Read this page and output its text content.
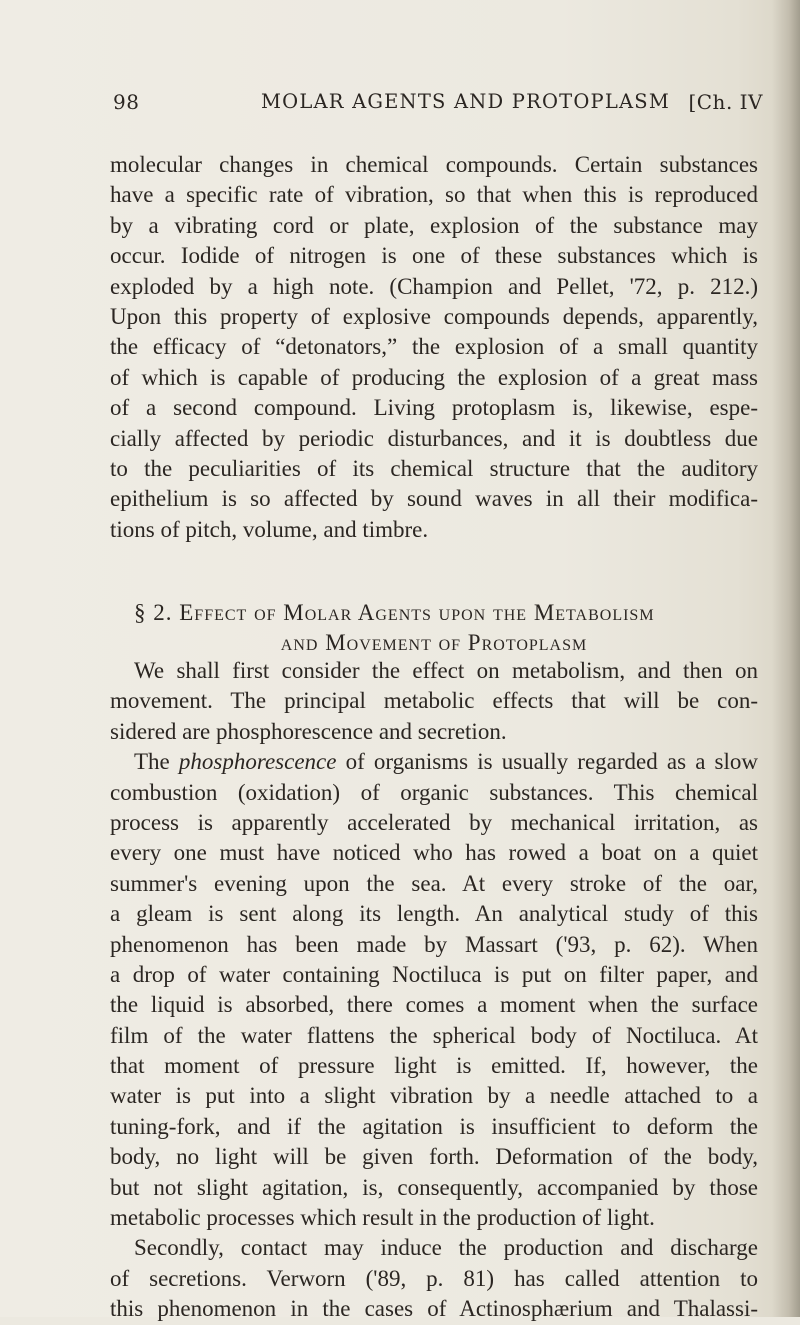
98	MOLAR AGENTS AND PROTOPLASM [Ch. IV
molecular changes in chemical compounds. Certain substances
have a specific rate of vibration, so that when this is reproduced
by a vibrating cord or plate, explosion of the substance may
occur. Iodide of nitrogen is one of these substances which is
exploded by a high note. (Champion and Pellet, '72, p. 212.)
Upon this property of explosive compounds depends, apparently,
the efficacy of “detonators,” the explosion of a small quantity
of which is capable of producing the explosion of a great mass
of a second compound. Living protoplasm is, likewise, espe-
cially affected by periodic disturbances, and it is doubtless due
to the peculiarities of its chemical structure that the auditory
epithelium is so affected by sound waves in all their modifica-
tions of pitch, volume, and timbre.
§ 2. Effect of Molar Agents upon the Metabolism
and Movement of Protoplasm
We shall first consider the effect on metabolism, and then on
movement. The principal metabolic effects that will be con-
sidered are phosphorescence and secretion.
The phosphorescence of organisms is usually regarded as a slow
combustion (oxidation) of organic substances. This chemical
process is apparently accelerated by mechanical irritation, as
every one must have noticed who has rowed a boat on a quiet
summer's evening upon the sea. At every stroke of the oar,
a gleam is sent along its length. An analytical study of this
phenomenon has been made by Massart ('93, p. 62). When
a drop of water containing Noctiluca is put on filter paper, and
the liquid is absorbed, there comes a moment when the surface
film of the water flattens the spherical body of Noctiluca. At
that moment of pressure light is emitted. If, however, the
water is put into a slight vibration by a needle attached to a
tuning-fork, and if the agitation is insufficient to deform the
body, no light will be given forth. Deformation of the body,
but not slight agitation, is, consequently, accompanied by those
metabolic processes which result in the production of light.
Secondly, contact may induce the production and discharge
of secretions. Verworn ('89, p. 81) has called attention to
this phenomenon in the cases of Actinosphærium and Thalassi-
